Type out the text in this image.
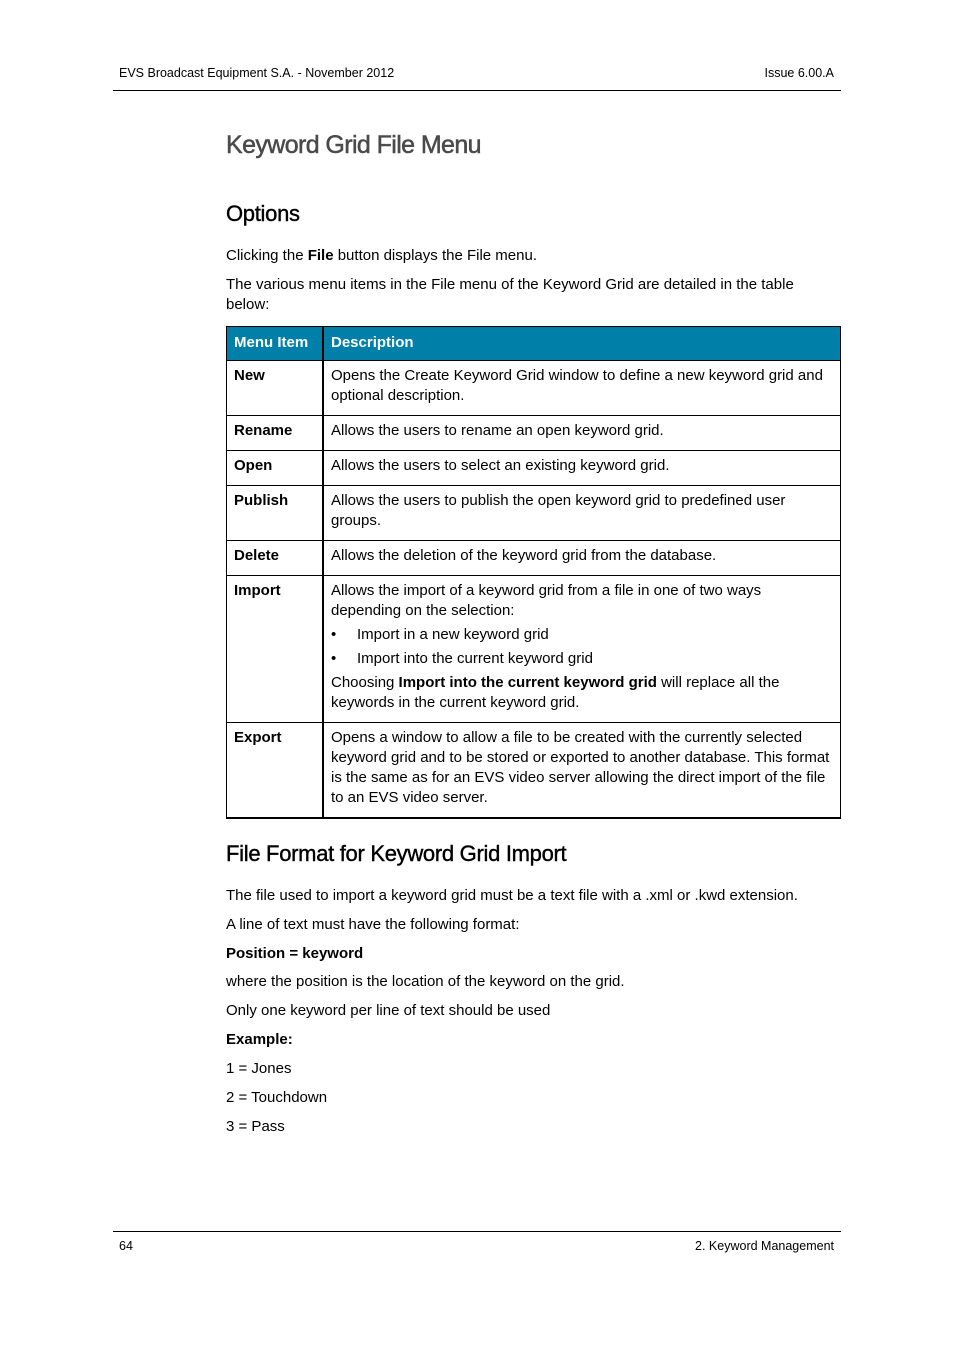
EVS Broadcast Equipment S.A. - November 2012	Issue 6.00.A
Keyword Grid File Menu
Options
Clicking the File button displays the File menu.
The various menu items in the File menu of the Keyword Grid are detailed in the table below:
Menu Item	Description
New	Opens the Create Keyword Grid window to define a new keyword grid and optional description.
Rename	Allows the users to rename an open keyword grid.
Open	Allows the users to select an existing keyword grid.
Publish	Allows the users to publish the open keyword grid to predefined user groups.
Delete	Allows the deletion of the keyword grid from the database.
Import	Allows the import of a keyword grid from a file in one of two ways depending on the selection:
• Import in a new keyword grid
• Import into the current keyword grid
Choosing Import into the current keyword grid will replace all the keywords in the current keyword grid.

Export	Opens a window to allow a file to be created with the currently selected keyword grid and to be stored or exported to another database. This format is the same as for an EVS video server allowing the direct import of the file to an EVS video server.
File Format for Keyword Grid Import
The file used to import a keyword grid must be a text file with a .xml or .kwd extension.
A line of text must have the following format:
Position = keyword
where the position is the location of the keyword on the grid.
Only one keyword per line of text should be used
Example:
1 = Jones
2 = Touchdown
3 = Pass
64	2. Keyword Management
